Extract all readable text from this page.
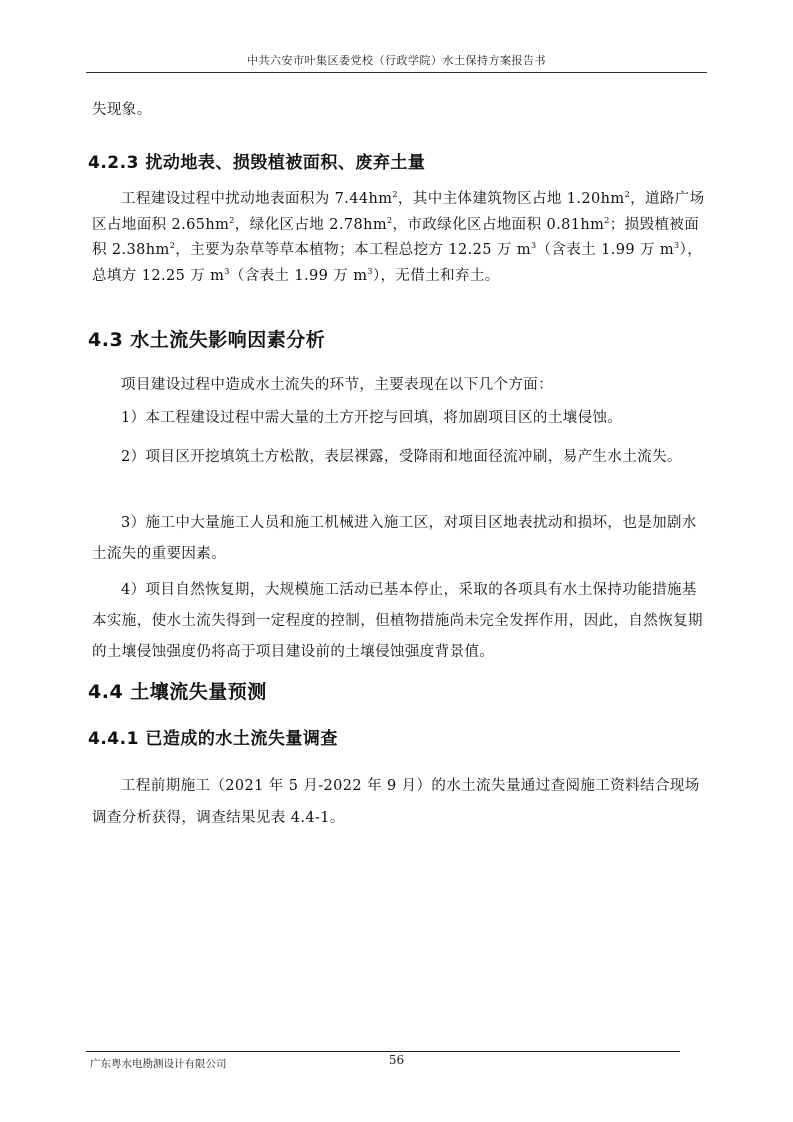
中共六安市叶集区委党校（行政学院）水土保持方案报告书

失现象。

4.2.3 扰动地表、损毁植被面积、废弃土量

工程建设过程中扰动地表面积为 $7.44hm^2$，其中主体建筑物区占地 $1.20hm^2$，道路广场区占地面积 $2.65hm^2$，绿化区占地 $2.78hm^2$，市政绿化区占地面积 $0.81hm^2$；损毁植被面积 $2.38hm^2$，主要为杂草等草本植物；本工程总挖方 12.25 万 $m^3$（含表土 1.99 万 $m^3$），总填方 12.25 万 $m^3$（含表土 1.99 万 $m^3$），无借土和弃土。

4.3 水土流失影响因素分析

项目建设过程中造成水土流失的环节，主要表现在以下几个方面：

1）本工程建设过程中需大量的土方开挖与回填，将加剧项目区的土壤侵蚀。

2）项目区开挖填筑土方松散，表层裸露，受降雨和地面径流冲刷，易产生水土流失。

3）施工中大量施工人员和施工机械进入施工区，对项目区地表扰动和损坏，也是加剧水土流失的重要因素。

4）项目自然恢复期，大规模施工活动已基本停止，采取的各项具有水土保持功能措施基本实施，使水土流失得到一定程度的控制，但植物措施尚未完全发挥作用，因此，自然恢复期的土壤侵蚀强度仍将高于项目建设前的土壤侵蚀强度背景值。

4.4 土壤流失量预测
4.4.1 已造成的水土流失量调查

工程前期施工（2021 年 5 月-2022 年 9 月）的水土流失量通过查阅施工资料结合现场调查分析获得，调查结果见表 4.4-1。

广东粤水电勘测设计有限公司	56
